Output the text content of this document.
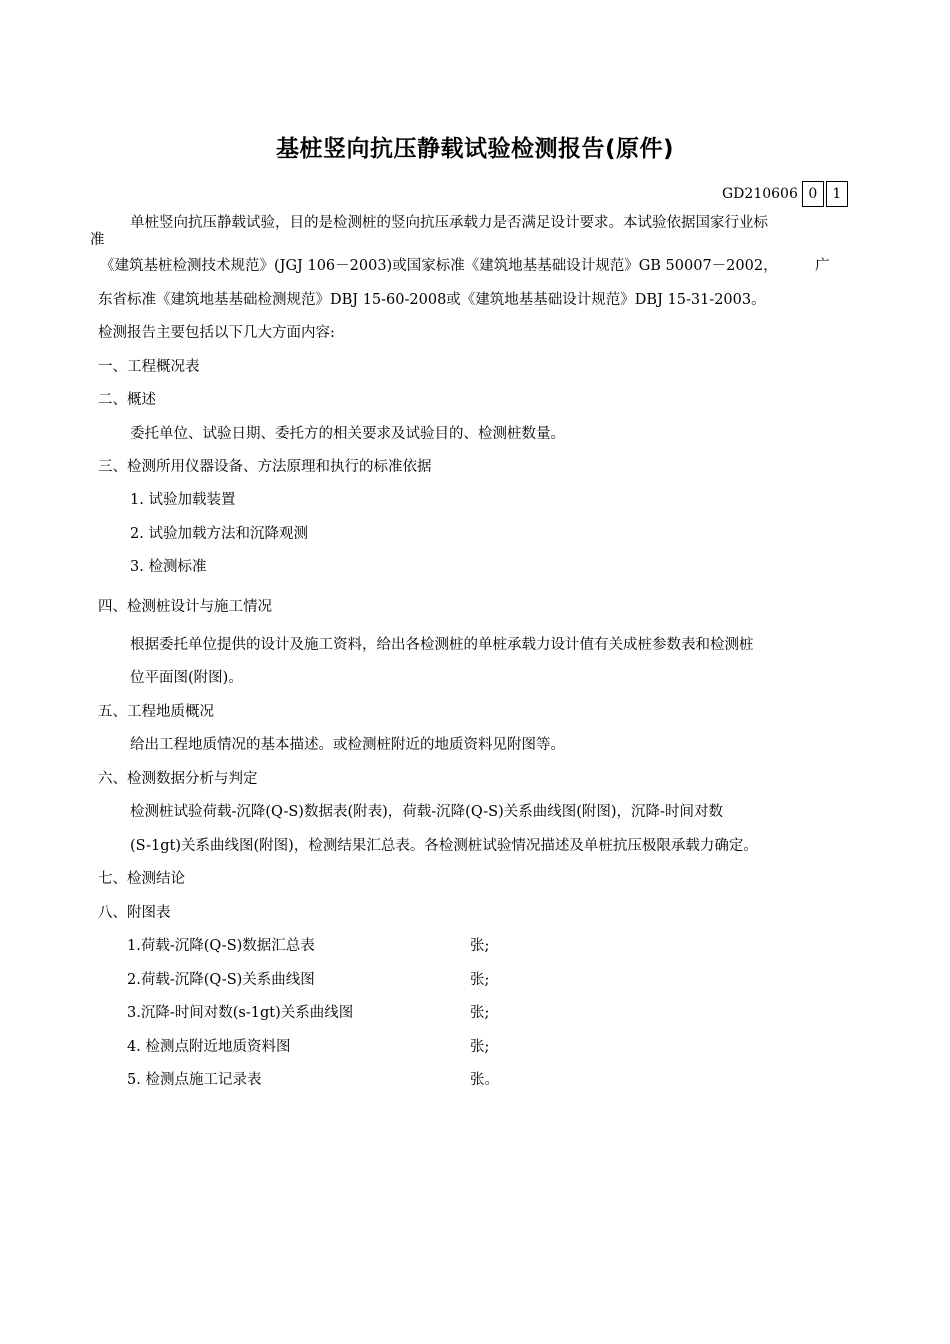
基桩竖向抗压静载试验检测报告(原件)
GD210606 0	1
单桩竖向抗压静载试验，目的是检测桩的竖向抗压承载力是否满足设计要求。本试验依据国家行业标
准
《建筑基桩检测技术规范》(JGJ 106－2003)或国家标准《建筑地基基础设计规范》GB 50007－2002，	广
东省标准《建筑地基基础检测规范》DBJ 15-60-2008或《建筑地基基础设计规范》DBJ 15-31-2003。
检测报告主要包括以下几大方面内容:
一、工程概况表
二、概述
委托单位、试验日期、委托方的相关要求及试验目的、检测桩数量。
三、检测所用仪器设备、方法原理和执行的标准依据
1. 试验加载装置
2. 试验加载方法和沉降观测
3. 检测标准
四、检测桩设计与施工情况
根据委托单位提供的设计及施工资料，给出各检测桩的单桩承载力设计值有关成桩参数表和检测桩
位平面图(附图)。
五、工程地质概况
给出工程地质情况的基本描述。或检测桩附近的地质资料见附图等。
六、检测数据分析与判定
检测桩试验荷载-沉降(Q-S)数据表(附表)，荷载-沉降(Q-S)关系曲线图(附图)，沉降-时间对数
(S-1gt)关系曲线图(附图)，检测结果汇总表。各检测桩试验情况描述及单桩抗压极限承载力确定。
七、检测结论
八、附图表
1.荷载-沉降(Q-S)数据汇总表	张;
2.荷载-沉降(Q-S)关系曲线图	张;
3.沉降-时间对数(s-1gt)关系曲线图	张;
4. 检测点附近地质资料图	张;
5. 检测点施工记录表	张。
